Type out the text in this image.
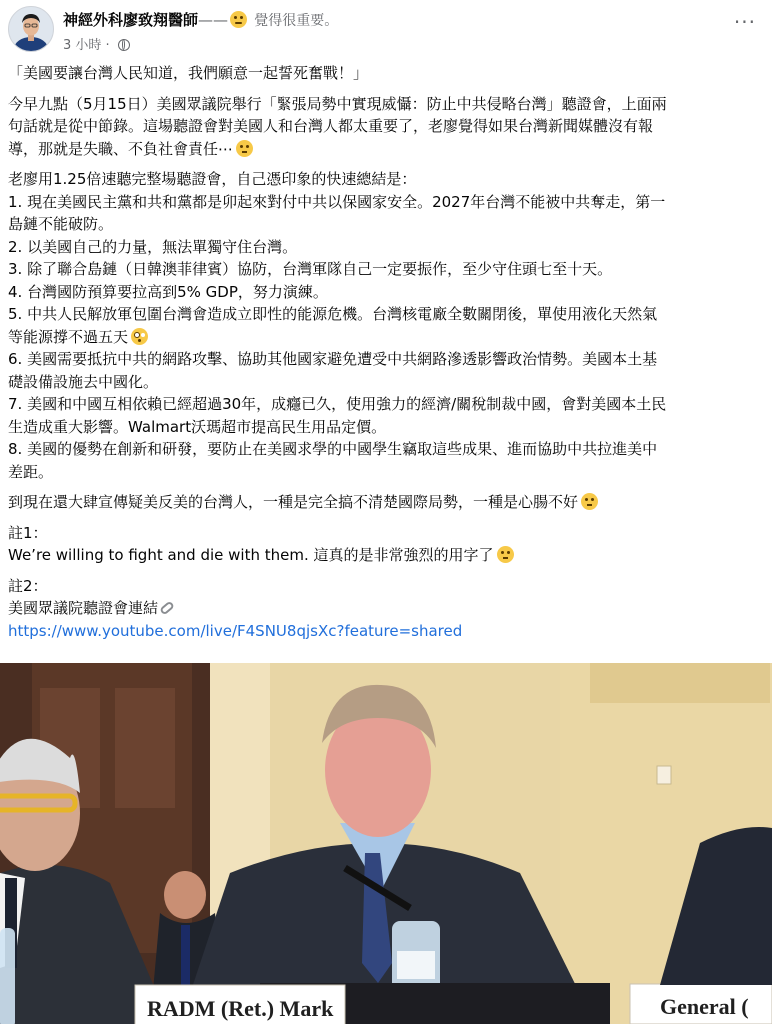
神經外科廖致翔醫師—— 覺得很重要。
3 小時 ·
···

「美國要讓台灣人民知道，我們願意一起誓死奮戰！」

今早九點（5月15日）美國眾議院舉行「緊張局勢中實現威懾：防止中共侵略台灣」聽證會，上面兩

句話就是從中節錄。這場聽證會對美國人和台灣人都太重要了，老廖覺得如果台灣新聞媒體沒有報

導，那就是失職、不負社會責任⋯

老廖用1.25倍速聽完整場聽證會，自己憑印象的快速總結是：

1. 現在美國民主黨和共和黨都是卯起來對付中共以保國家安全。2027年台灣不能被中共奪走，第一

島鏈不能破防。

2. 以美國自己的力量，無法單獨守住台灣。

3. 除了聯合島鏈（日韓澳菲律賓）協防，台灣軍隊自己一定要振作，至少守住頭七至十天。

4. 台灣國防預算要拉高到5% GDP，努力演練。

5. 中共人民解放軍包圍台灣會造成立即性的能源危機。台灣核電廠全數關閉後，單使用液化天然氣

等能源撐不過五天

6. 美國需要抵抗中共的網路攻擊、協助其他國家避免遭受中共網路滲透影響政治情勢。美國本土基

礎設備設施去中國化。

7. 美國和中國互相依賴已經超過30年，成癮已久，使用強力的經濟/關稅制裁中國，會對美國本土民

生造成重大影響。Walmart沃瑪超市提高民生用品定價。

8. 美國的優勢在創新和研發，要防止在美國求學的中國學生竊取這些成果、進而協助中共拉進美中

差距。

到現在還大肆宣傳疑美反美的台灣人，一種是完全搞不清楚國際局勢，一種是心腸不好

註1：

We’re willing to fight and die with them. 這真的是非常強烈的用字了

註2：

美國眾議院聽證會連結

https://www.youtube.com/live/F4SNU8qjsXc?feature=shared

RADM (Ret.) Mark	General (
